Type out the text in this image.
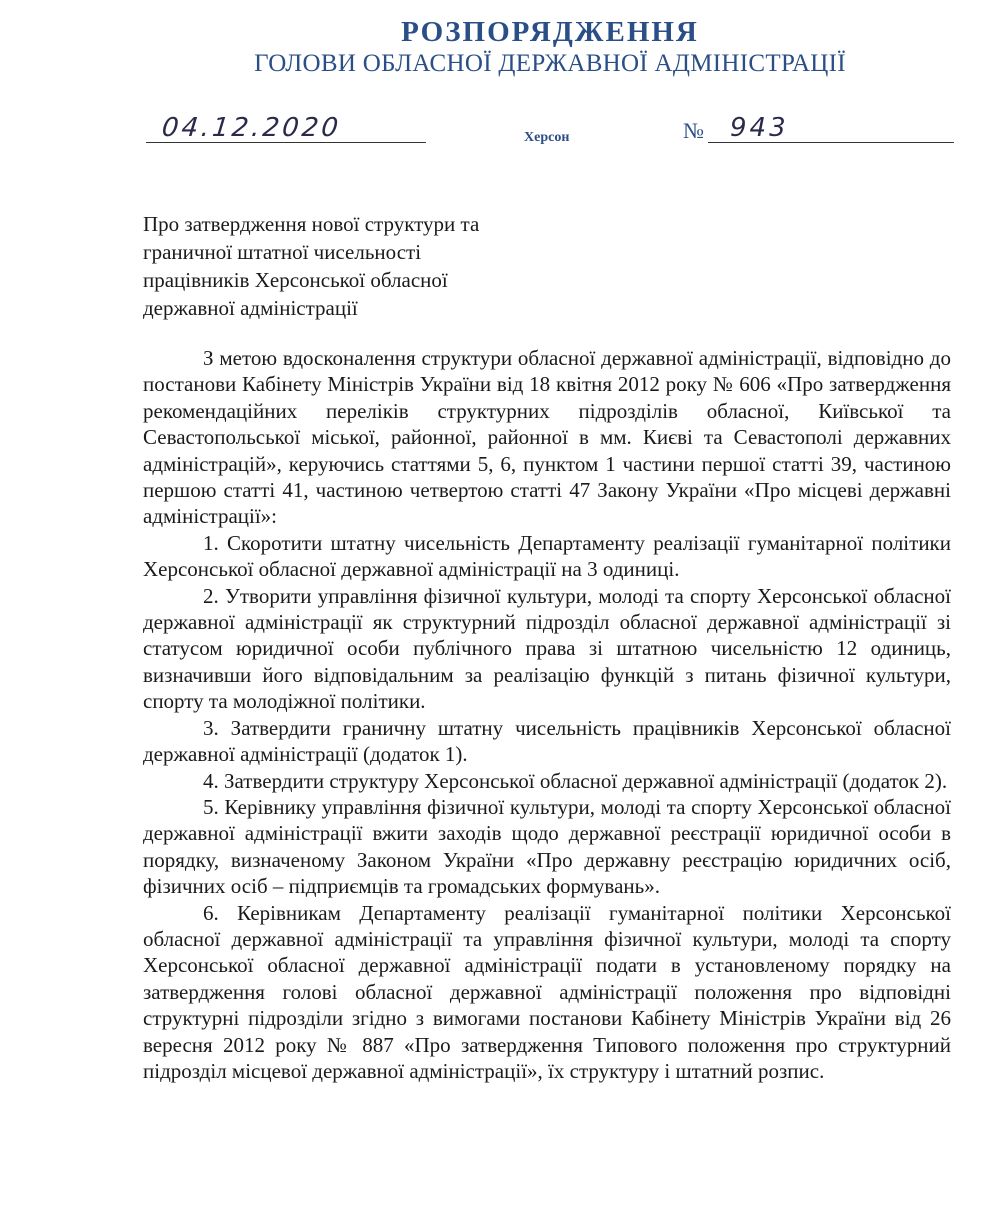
РОЗПОРЯДЖЕННЯ
ГОЛОВИ ОБЛАСНОЇ ДЕРЖАВНОЇ АДМІНІСТРАЦІЇ
04.12.2020	Херсон	№ 943
Про затвердження нової структури та
граничної штатної чисельності
працівників Херсонської обласної
державної адміністрації

З метою вдосконалення структури обласної державної адміністрації, відповідно до постанови Кабінету Міністрів України від 18 квітня 2012 року № 606 «Про затвердження рекомендаційних переліків структурних підрозділів обласної, Київської та Севастопольської міської, районної, районної в мм. Києві та Севастополі державних адміністрацій», керуючись статтями 5, 6, пунктом 1 частини першої статті 39, частиною першою статті 41, частиною четвертою статті 47 Закону України «Про місцеві державні адміністрації»:

1. Скоротити штатну чисельність Департаменту реалізації гуманітарної політики Херсонської обласної державної адміністрації на 3 одиниці.

2. Утворити управління фізичної культури, молоді та спорту Херсонської обласної державної адміністрації як структурний підрозділ обласної державної адміністрації зі статусом юридичної особи публічного права зі штатною чисельністю 12 одиниць, визначивши його відповідальним за реалізацію функцій з питань фізичної культури, спорту та молодіжної політики.

3. Затвердити граничну штатну чисельність працівників Херсонської обласної державної адміністрації (додаток 1).

4. Затвердити структуру Херсонської обласної державної адміністрації (додаток 2).

5. Керівнику управління фізичної культури, молоді та спорту Херсонської обласної державної адміністрації вжити заходів щодо державної реєстрації юридичної особи в порядку, визначеному Законом України «Про державну реєстрацію юридичних осіб, фізичних осіб – підприємців та громадських формувань».

6. Керівникам Департаменту реалізації гуманітарної політики Херсонської обласної державної адміністрації та управління фізичної культури, молоді та спорту Херсонської обласної державної адміністрації подати в установленому порядку на затвердження голові обласної державної адміністрації положення про відповідні структурні підрозділи згідно з вимогами постанови Кабінету Міністрів України від 26 вересня 2012 року № 887 «Про затвердження Типового положення про структурний підрозділ місцевої державної адміністрації», їх структуру і штатний розпис.
